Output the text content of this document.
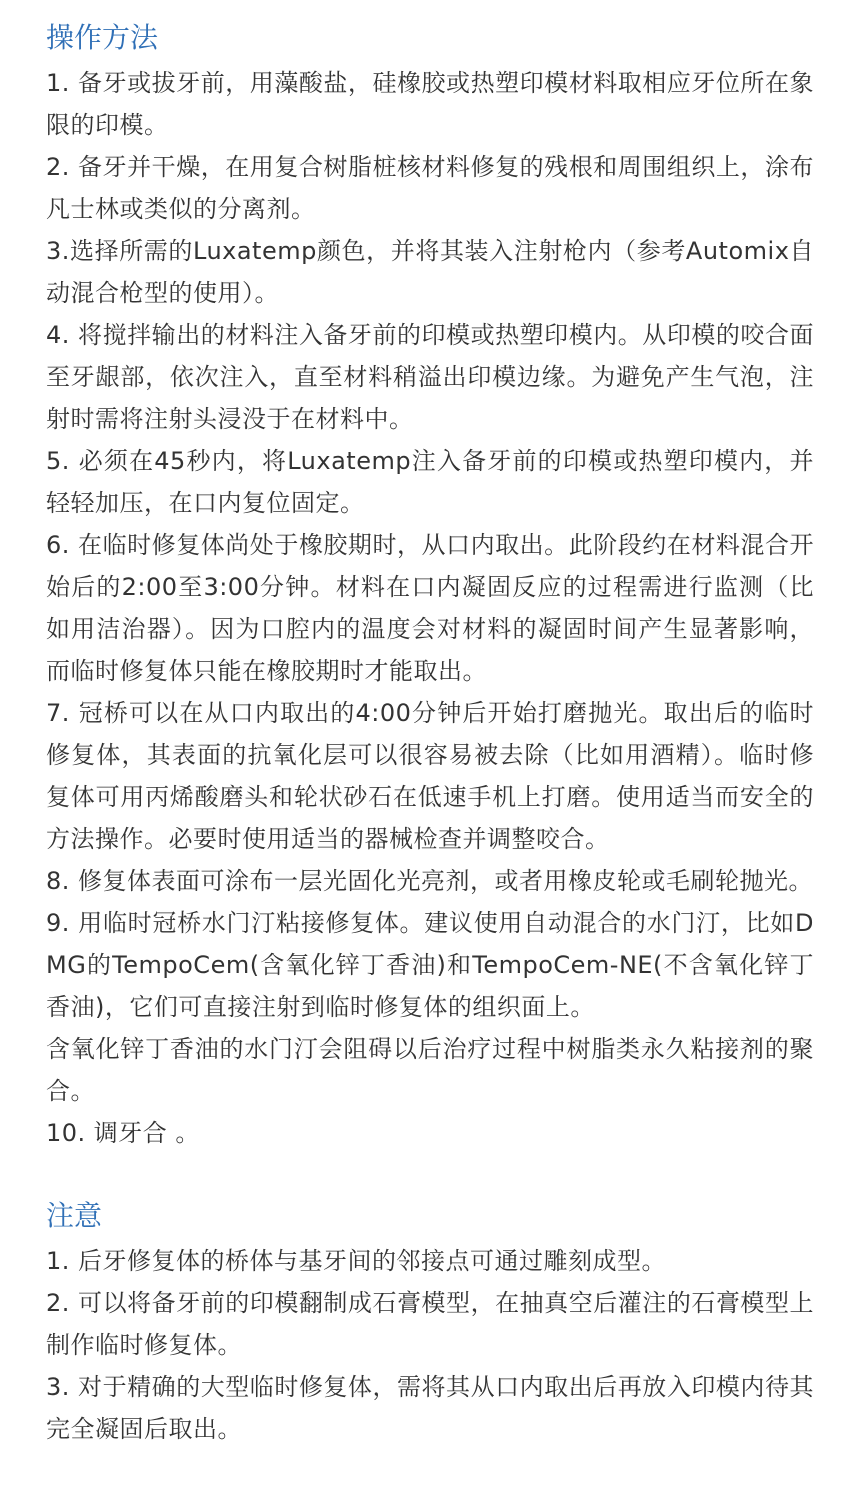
操作方法

1. 备牙或拔牙前，用藻酸盐，硅橡胶或热塑印模材料取相应牙位所在象限的印模。

2. 备牙并干燥，在用复合树脂桩核材料修复的残根和周围组织上，涂布凡士林或类似的分离剂。

3.选择所需的Luxatemp颜色，并将其装入注射枪内（参考Automix自动混合枪型的使用）。

4. 将搅拌输出的材料注入备牙前的印模或热塑印模内。从印模的咬合面至牙龈部，依次注入，直至材料稍溢出印模边缘。为避免产生气泡，注射时需将注射头浸没于在材料中。

5. 必须在45秒内，将Luxatemp注入备牙前的印模或热塑印模内，并轻轻加压，在口内复位固定。

6. 在临时修复体尚处于橡胶期时，从口内取出。此阶段约在材料混合开始后的2:00至3:00分钟。材料在口内凝固反应的过程需进行监测（比如用洁治器）。因为口腔内的温度会对材料的凝固时间产生显著影响，而临时修复体只能在橡胶期时才能取出。

7. 冠桥可以在从口内取出的4:00分钟后开始打磨抛光。取出后的临时修复体，其表面的抗氧化层可以很容易被去除（比如用酒精）。临时修复体可用丙烯酸磨头和轮状砂石在低速手机上打磨。使用适当而安全的方法操作。必要时使用适当的器械检查并调整咬合。

8. 修复体表面可涂布一层光固化光亮剂，或者用橡皮轮或毛刷轮抛光。

9. 用临时冠桥水门汀粘接修复体。建议使用自动混合的水门汀，比如DMG的TempoCem(含氧化锌丁香油)和TempoCem-NE(不含氧化锌丁香油)，它们可直接注射到临时修复体的组织面上。

含氧化锌丁香油的水门汀会阻碍以后治疗过程中树脂类永久粘接剂的聚合。

10. 调牙合 。

注意

1. 后牙修复体的桥体与基牙间的邻接点可通过雕刻成型。

2. 可以将备牙前的印模翻制成石膏模型，在抽真空后灌注的石膏模型上制作临时修复体。

3. 对于精确的大型临时修复体，需将其从口内取出后再放入印模内待其完全凝固后取出。
